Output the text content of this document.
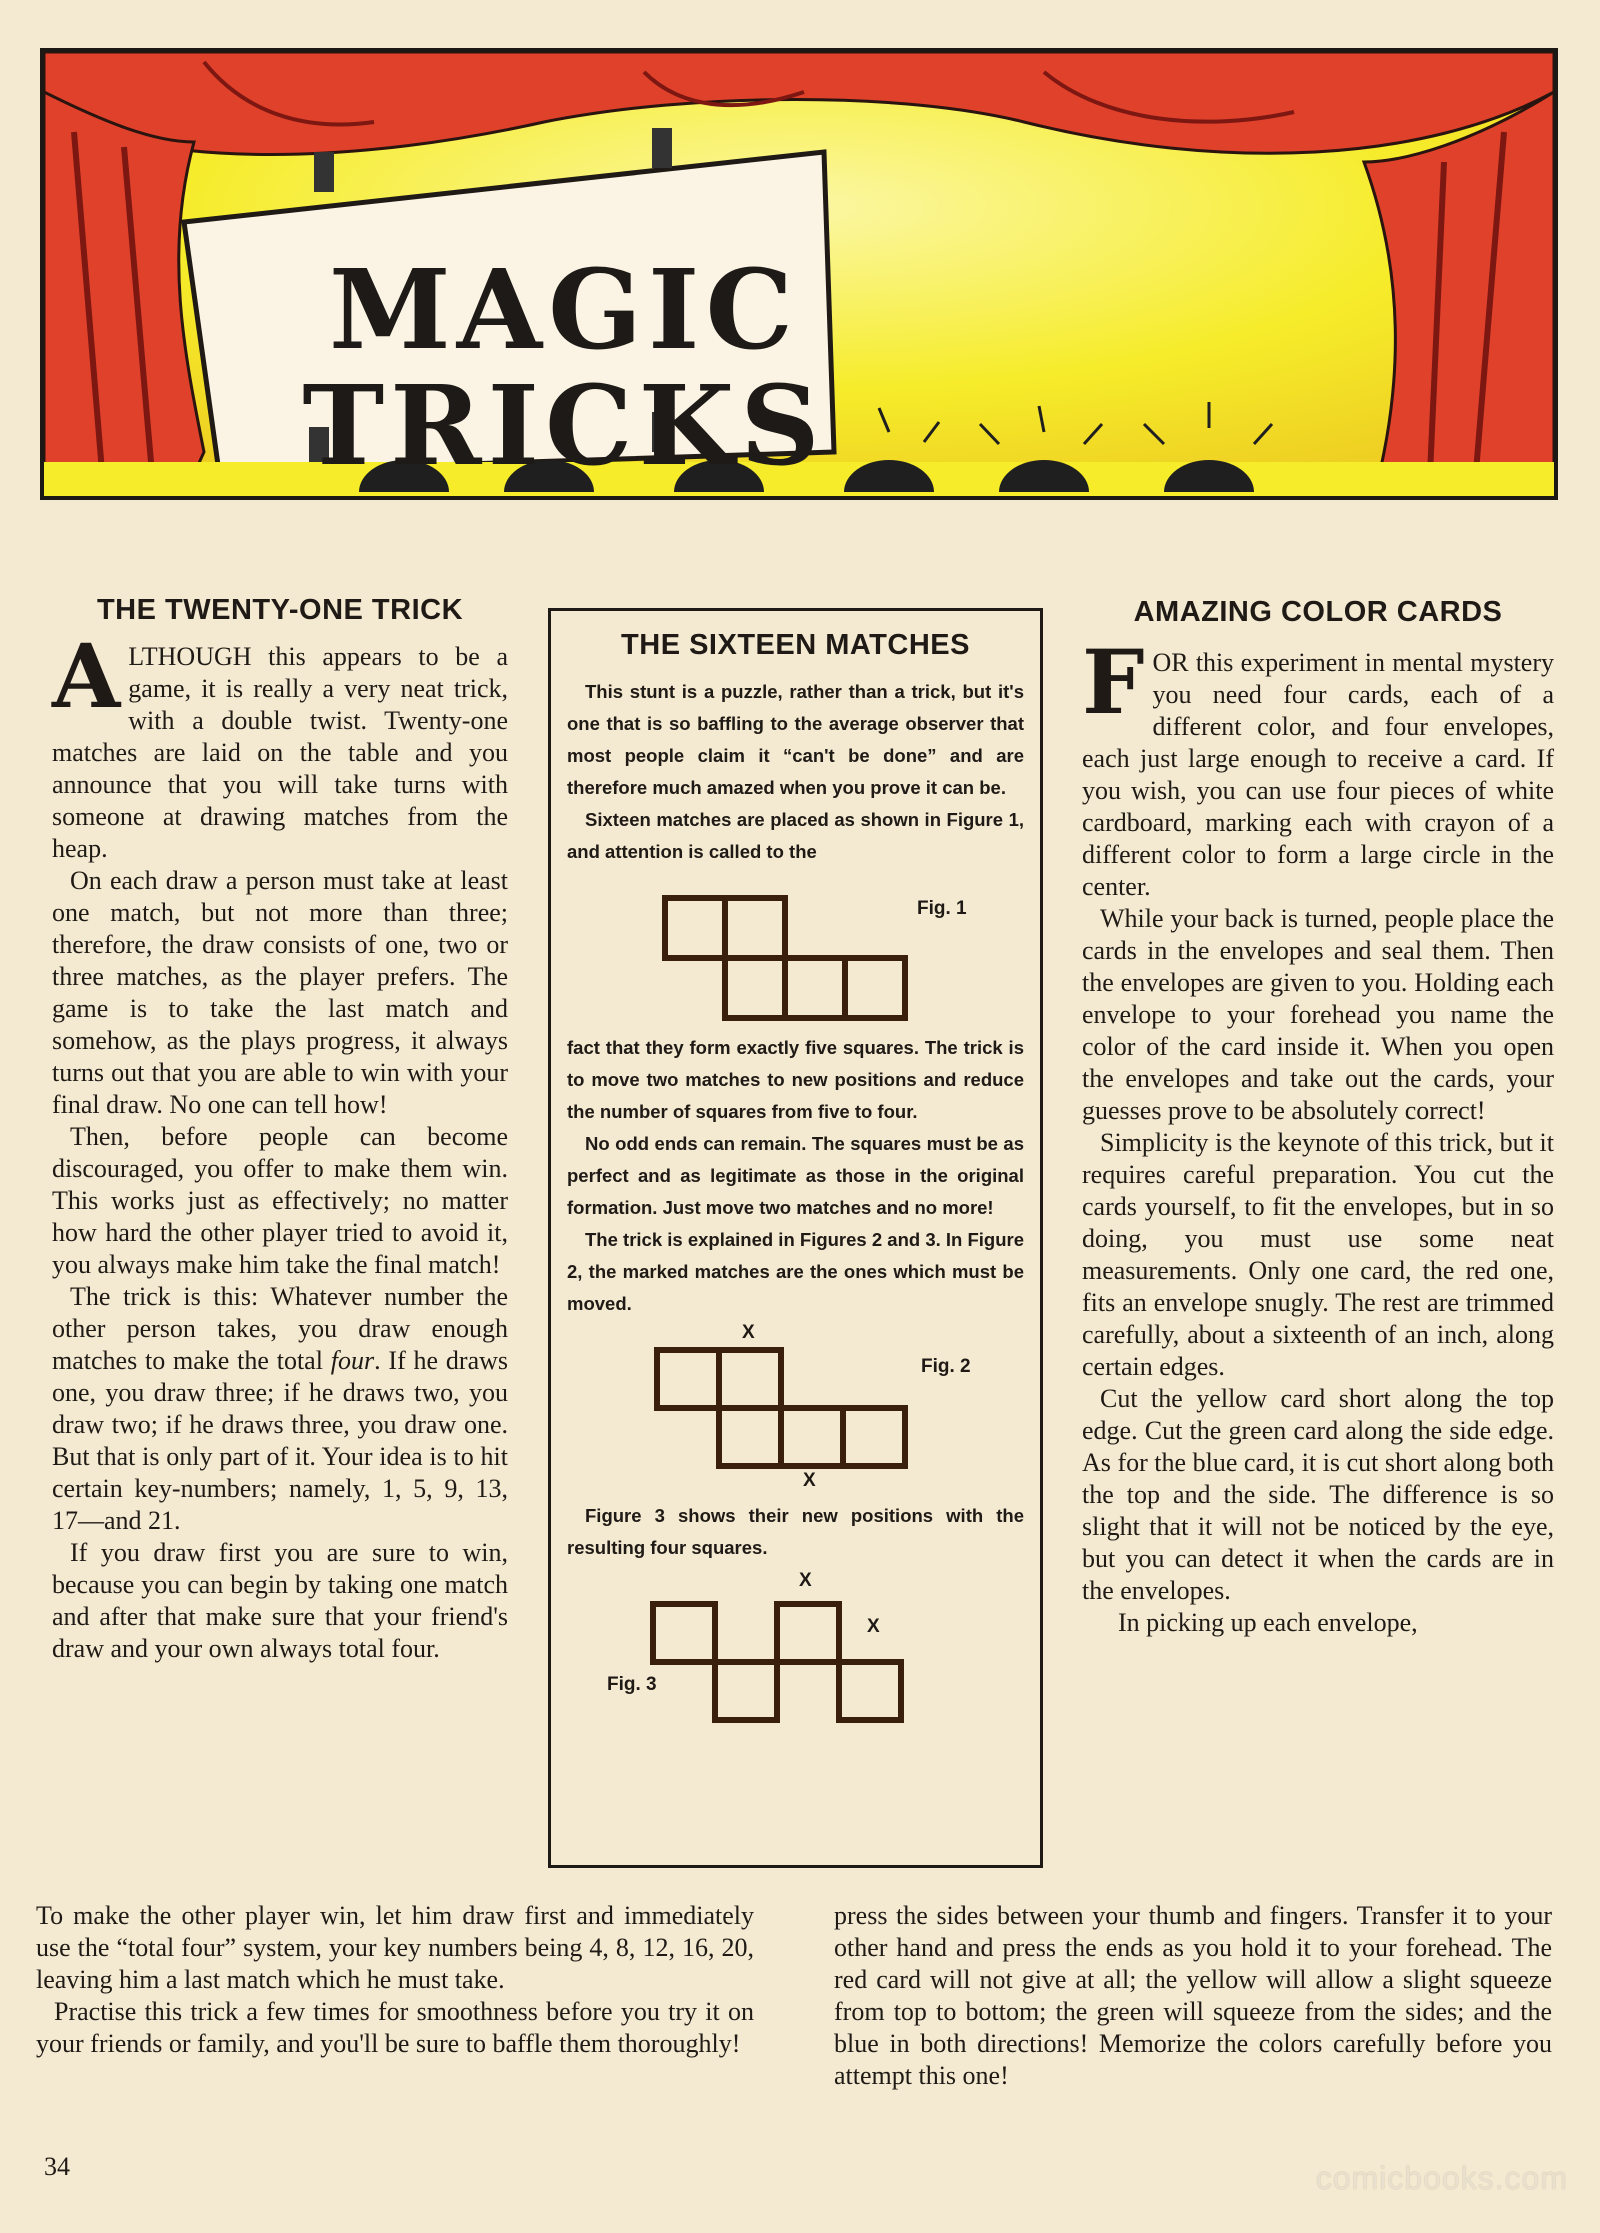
MAGIC
TRICKS
THE TWENTY-ONE TRICK

ALTHOUGH this appears to be a game, it is really a very neat trick, with a double twist. Twenty-one matches are laid on the table and you announce that you will take turns with someone at drawing matches from the heap.

On each draw a person must take at least one match, but not more than three; therefore, the draw consists of one, two or three matches, as the player prefers. The game is to take the last match and somehow, as the plays progress, it always turns out that you are able to win with your final draw. No one can tell how!

Then, before people can become discouraged, you offer to make them win. This works just as effectively; no matter how hard the other player tried to avoid it, you always make him take the final match!

The trick is this: Whatever number the other person takes, you draw enough matches to make the total four. If he draws one, you draw three; if he draws two, you draw two; if he draws three, you draw one. But that is only part of it. Your idea is to hit certain key-numbers; namely, 1, 5, 9, 13, 17—and 21.

If you draw first you are sure to win, because you can begin by taking one match and after that make sure that your friend's draw and your own always total four.

THE SIXTEEN MATCHES

This stunt is a puzzle, rather than a trick, but it's one that is so baffling to the average observer that most people claim it “can't be done” and are therefore much amazed when you prove it can be.

Sixteen matches are placed as shown in Figure 1, and attention is called to the

Fig. 1

fact that they form exactly five squares. The trick is to move two matches to new positions and reduce the number of squares from five to four.

No odd ends can remain. The squares must be as perfect and as legitimate as those in the original formation. Just move two matches and no more!

The trick is explained in Figures 2 and 3. In Figure 2, the marked matches are the ones which must be moved.

X
X
Fig. 2

Figure 3 shows their new positions with the resulting four squares.

X
X
Fig. 3
AMAZING COLOR CARDS

FOR this experiment in mental mystery you need four cards, each of a different color, and four envelopes, each just large enough to receive a card. If you wish, you can use four pieces of white cardboard, marking each with crayon of a different color to form a large circle in the center.

While your back is turned, people place the cards in the envelopes and seal them. Then the envelopes are given to you. Holding each envelope to your forehead you name the color of the card inside it. When you open the envelopes and take out the cards, your guesses prove to be absolutely correct!

Simplicity is the keynote of this trick, but it requires careful preparation. You cut the cards yourself, to fit the envelopes, but in so doing, you must use some neat measurements. Only one card, the red one, fits an envelope snugly. The rest are trimmed carefully, about a sixteenth of an inch, along certain edges.

Cut the yellow card short along the top edge. Cut the green card along the side edge. As for the blue card, it is cut short along both the top and the side. The difference is so slight that it will not be noticed by the eye, but you can detect it when the cards are in the envelopes.

In picking up each envelope,

To make the other player win, let him draw first and immediately use the “total four” system, your key numbers being 4, 8, 12, 16, 20, leaving him a last match which he must take.

Practise this trick a few times for smoothness before you try it on your friends or family, and you'll be sure to baffle them thoroughly!

press the sides between your thumb and fingers. Transfer it to your other hand and press the ends as you hold it to your forehead. The red card will not give at all; the yellow will allow a slight squeeze from top to bottom; the green will squeeze from the sides; and the blue in both directions! Memorize the colors carefully before you attempt this one!

34	comicbooks.com
